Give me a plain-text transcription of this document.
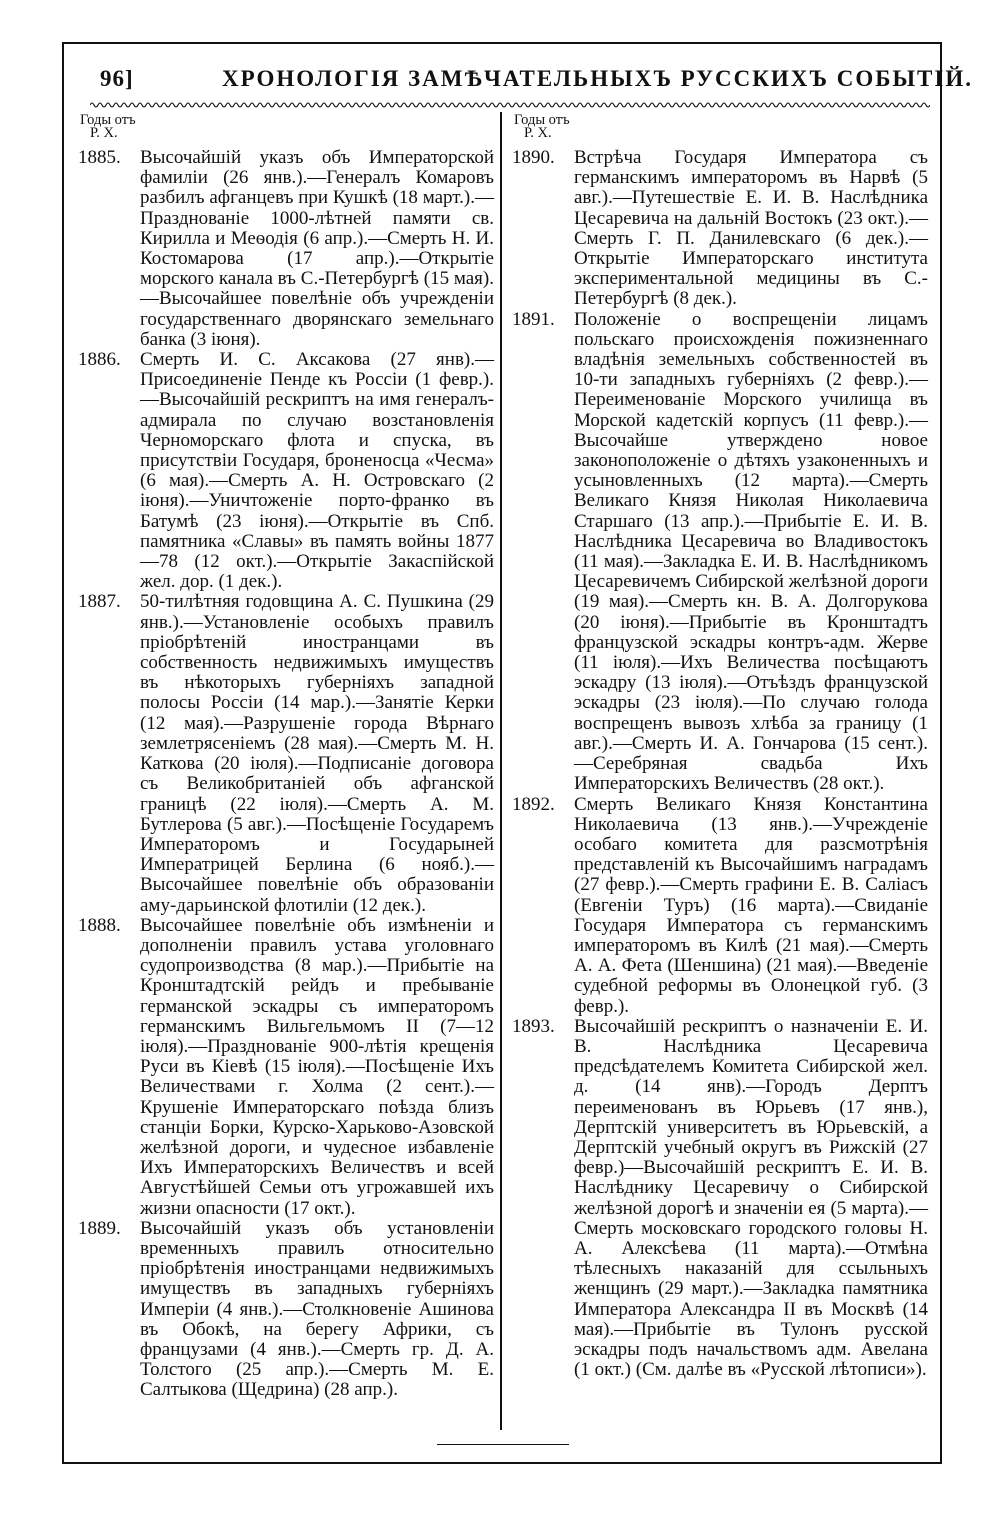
96]	ХРОНОЛОГІЯ ЗАМѢЧАТЕЛЬНЫХЪ РУССКИХЪ СОБЫТІЙ.
Годы отъ
Р. Х.
1885.	Высочайшій указъ объ Императорской фамиліи (26 янв.).—Генералъ Комаровъ разбилъ афганцевъ при Кушкѣ (18 март.).—Празднованіе 1000-лѣтней памяти св. Кирилла и Меѳодія (6 апр.).—Смерть Н. И. Костомарова (17 апр.).—Открытіе морского канала въ С.-Петербургѣ (15 мая).—Высочайшее повелѣніе объ учрежденіи государственнаго дворянскаго земельнаго банка (3 іюня).
1886.	Смерть И. С. Аксакова (27 янв).—Присоединеніе Пенде къ Россіи (1 февр.).—Высочайшій рескриптъ на имя генералъ-адмирала по случаю возстановленія Черноморскаго флота и спуска, въ присутствіи Государя, броненосца «Чесма» (6 мая).—Смерть А. Н. Островскаго (2 іюня).—Уничтоженіе порто-франко въ Батумѣ (23 іюня).—Открытіе въ Спб. памятника «Славы» въ память войны 1877—78 (12 окт.).—Открытіе Закаспійской жел. дор. (1 дек.).
1887.	50-тилѣтняя годовщина А. С. Пушкина (29 янв.).—Установленіе особыхъ правилъ пріобрѣтеній иностранцами въ собственность недвижимыхъ имуществъ въ нѣкоторыхъ губерніяхъ западной полосы Россіи (14 мар.).—Занятіе Керки (12 мая).—Разрушеніе города Вѣрнаго землетрясеніемъ (28 мая).—Смерть М. Н. Каткова (20 іюля).—Подписаніе договора съ Великобританіей объ афганской границѣ (22 іюля).—Смерть А. М. Бутлерова (5 авг.).—Посѣщеніе Государемъ Императоромъ и Государыней Императрицей Берлина (6 нояб.).—Высочайшее повелѣніе объ образованіи аму-дарьинской флотиліи (12 дек.).
1888.	Высочайшее повелѣніе объ измѣненіи и дополненіи правилъ устава уголовнаго судопроизводства (8 мар.).—Прибытіе на Кронштадтскій рейдъ и пребываніе германской эскадры съ императоромъ германскимъ Вильгельмомъ II (7—12 іюля).—Празднованіе 900-лѣтія крещенія Руси въ Кіевѣ (15 іюля).—Посѣщеніе Ихъ Величествами г. Холма (2 сент.).—Крушеніе Императорскаго поѣзда близъ станціи Борки, Курско-Харьково-Азовской желѣзной дороги, и чудесное избавленіе Ихъ Императорскихъ Величествъ и всей Августѣйшей Семьи отъ угрожавшей ихъ жизни опасности (17 окт.).
1889.	Высочайшій указъ объ установленіи временныхъ правилъ относительно пріобрѣтенія иностранцами недвижимыхъ имуществъ въ западныхъ губерніяхъ Имперіи (4 янв.).—Столкновеніе Ашинова въ Обокѣ, на берегу Африки, съ французами (4 янв.).—Смерть гр. Д. А. Толстого (25 апр.).—Смерть М. Е. Салтыкова (Щедрина) (28 апр.).
Годы отъ
Р. Х.
1890.	Встрѣча Государя Императора съ германскимъ императоромъ въ Нарвѣ (5 авг.).—Путешествіе Е. И. В. Наслѣдника Цесаревича на дальній Востокъ (23 окт.).—Смерть Г. П. Данилевскаго (6 дек.).—Открытіе Императорскаго института экспериментальной медицины въ С.-Петербургѣ (8 дек.).
1891.	Положеніе о воспрещеніи лицамъ польскаго происхожденія пожизненнаго владѣнія земельныхъ собственностей въ 10-ти западныхъ губерніяхъ (2 февр.).—Переименованіе Морского училища въ Морской кадетскій корпусъ (11 февр.).—Высочайше утверждено новое законоположеніе о дѣтяхъ узаконенныхъ и усыновленныхъ (12 марта).—Смерть Великаго Князя Николая Николаевича Старшаго (13 апр.).—Прибытіе Е. И. В. Наслѣдника Цесаревича во Владивостокъ (11 мая).—Закладка Е. И. В. Наслѣдникомъ Цесаревичемъ Сибирской желѣзной дороги (19 мая).—Смерть кн. В. А. Долгорукова (20 іюня).—Прибытіе въ Кронштадтъ французской эскадры контръ-адм. Жерве (11 іюля).—Ихъ Величества посѣщаютъ эскадру (13 іюля).—Отъѣздъ французской эскадры (23 іюля).—По случаю голода воспрещенъ вывозъ хлѣба за границу (1 авг.).—Смерть И. А. Гончарова (15 сент.).—Серебряная свадьба Ихъ Императорскихъ Величествъ (28 окт.).
1892.	Смерть Великаго Князя Константина Николаевича (13 янв.).—Учрежденіе особаго комитета для разсмотрѣнія представленій къ Высочайшимъ наградамъ (27 февр.).—Смерть графини Е. В. Саліасъ (Евгеніи Туръ) (16 марта).—Свиданіе Государя Императора съ германскимъ императоромъ въ Килѣ (21 мая).—Смерть А. А. Фета (Шеншина) (21 мая).—Введеніе судебной реформы въ Олонецкой губ. (3 февр.).
1893.	Высочайшій рескриптъ о назначеніи Е. И. В. Наслѣдника Цесаревича предсѣдателемъ Комитета Сибирской жел. д. (14 янв).—Городъ Дерптъ переименованъ въ Юрьевъ (17 янв.), Дерптскій университетъ въ Юрьевскій, а Дерптскій учебный округъ въ Рижскій (27 февр.)—Высочайшій рескриптъ Е. И. В. Наслѣднику Цесаревичу о Сибирской желѣзной дорогѣ и значеніи ея (5 марта).—Смерть московскаго городского головы Н. А. Алексѣева (11 марта).—Отмѣна тѣлесныхъ наказаній для ссыльныхъ женщинъ (29 март.).—Закладка памятника Императора Александра II въ Москвѣ (14 мая).—Прибытіе въ Тулонъ русской эскадры подъ начальствомъ адм. Авелана (1 окт.) (См. далѣе въ «Русской лѣтописи»).
